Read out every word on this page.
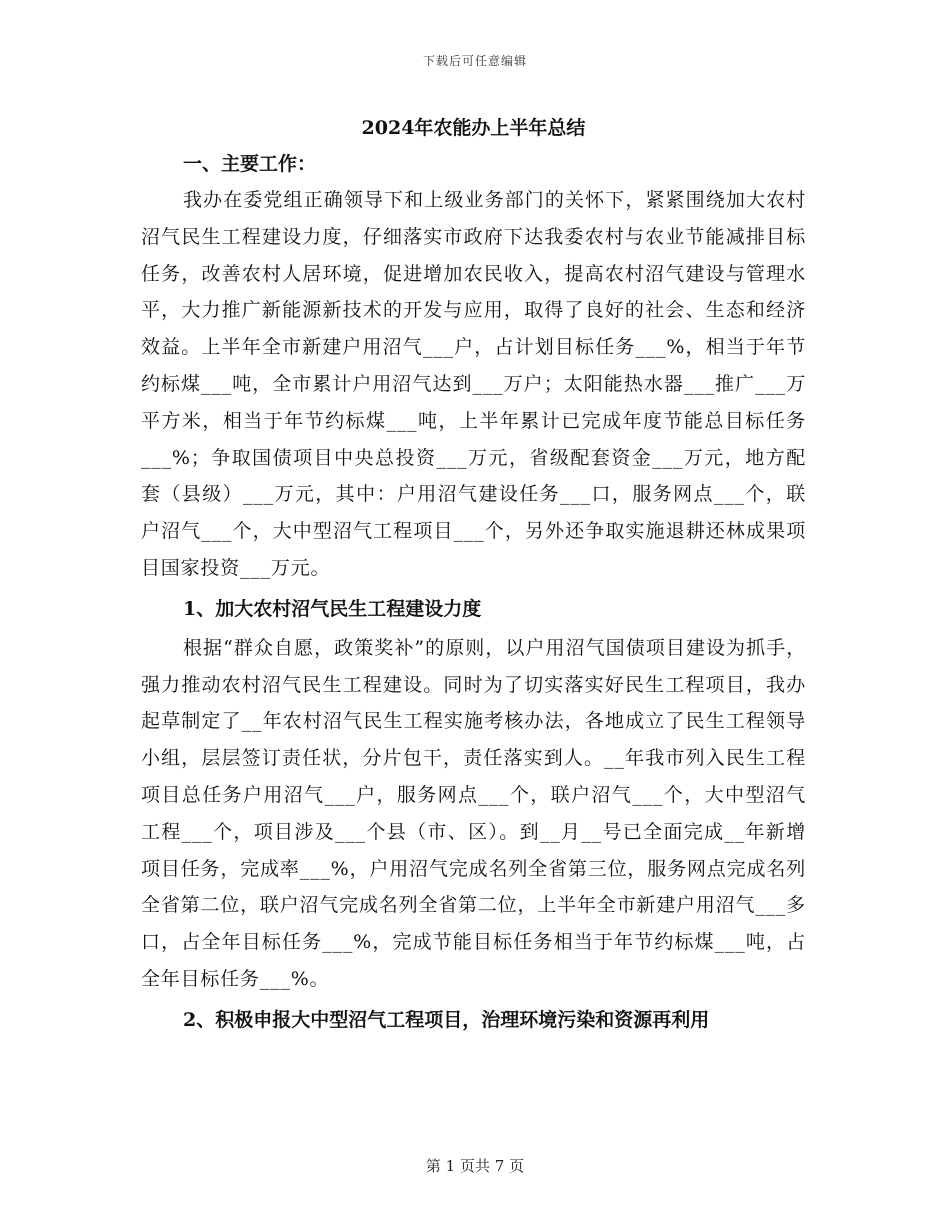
下载后可任意编辑
2024年农能办上半年总结

一、主要工作：

我办在委党组正确领导下和上级业务部门的关怀下，紧紧围绕加大农村沼气民生工程建设力度，仔细落实市政府下达我委农村与农业节能减排目标任务，改善农村人居环境，促进增加农民收入，提高农村沼气建设与管理水平，大力推广新能源新技术的开发与应用，取得了良好的社会、生态和经济效益。上半年全市新建户用沼气___户，占计划目标任务___%，相当于年节约标煤___吨，全市累计户用沼气达到___万户；太阳能热水器___推广___万平方米，相当于年节约标煤___吨，上半年累计已完成年度节能总目标任务___%；争取国债项目中央总投资___万元，省级配套资金___万元，地方配套（县级）___万元，其中：户用沼气建设任务___口，服务网点___个，联户沼气___个，大中型沼气工程项目___个，另外还争取实施退耕还林成果项目国家投资___万元。

1、加大农村沼气民生工程建设力度

根据“群众自愿，政策奖补”的原则，以户用沼气国债项目建设为抓手，强力推动农村沼气民生工程建设。同时为了切实落实好民生工程项目，我办起草制定了__年农村沼气民生工程实施考核办法，各地成立了民生工程领导小组，层层签订责任状，分片包干，责任落实到人。__年我市列入民生工程项目总任务户用沼气___户，服务网点___个，联户沼气___个，大中型沼气工程___个，项目涉及___个县（市、区）。到__月__号已全面完成__年新增项目任务，完成率___%，户用沼气完成名列全省第三位，服务网点完成名列全省第二位，联户沼气完成名列全省第二位，上半年全市新建户用沼气___多口，占全年目标任务___%，完成节能目标任务相当于年节约标煤___吨，占全年目标任务___%。

2、积极申报大中型沼气工程项目，治理环境污染和资源再利用

第 1 页共 7 页
